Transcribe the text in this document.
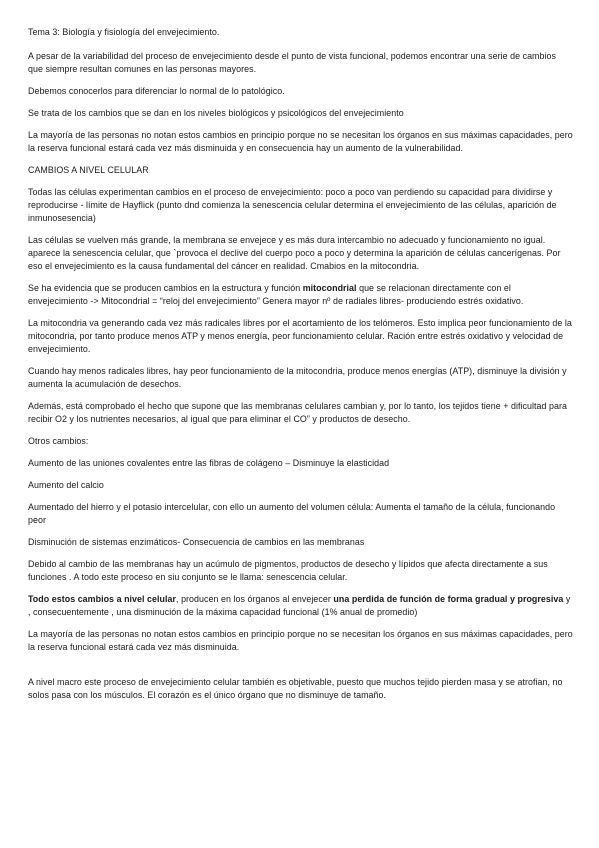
Tema 3: Biología y fisiología del envejecimiento.

A pesar de la variabilidad del proceso de envejecimiento desde el punto de vista funcional, podemos encontrar una serie de cambios que siempre resultan comunes en las personas mayores.

Debemos conocerlos para diferenciar lo normal de lo patológico.

Se trata de los cambios que se dan en los niveles biológicos y psicológicos del envejecimiento

La mayoría de las personas no notan estos cambios en principio porque no se necesitan los órganos en sus máximas capacidades, pero la reserva funcional estará cada vez más disminuida y en consecuencia hay un aumento de la vulnerabilidad.

CAMBIOS A NIVEL CELULAR

Todas las células experimentan cambios en el proceso de envejecimiento: poco a poco van perdiendo su capacidad para dividirse y reproducirse - límite de Hayflick (punto dnd comienza la senescencia celular determina el envejecimiento de las células, aparición de inmunosesencia)

Las células se vuelven más grande, la membrana se envejece y es más dura intercambio no adecuado y funcionamiento no igual. aparece la senescencia celular, que `provoca el declive del cuerpo poco a poco y determina la aparición de células cancerígenas. Por eso el envejecimiento es la causa fundamental del cáncer en realidad. Cmabios en la mitocondria.

Se ha evidencia que se producen cambios en la estructura y función mitocondrial que se relacionan directamente con el envejecimiento -> Mitocondrial = “reloj del envejecimiento” Genera mayor nº de radiales libres- produciendo estrés oxidativo.

La mitocondria va generando cada vez más radicales libres por el acortamiento de los telómeros. Esto implica peor funcionamiento de la mitocondria, por tanto produce menos ATP y menos energía, peor funcionamiento celular. Ración entre estrés oxidativo y velocidad de envejecimiento.

Cuando hay menos radicales libres, hay peor funcionamiento de la mitocondria, produce menos energías (ATP), disminuye la división y aumenta la acumulación de desechos.

Además, está comprobado el hecho que supone que las membranas celulares cambian y, por lo tanto, los tejidos tiene + dificultad para recibir O2 y los nutrientes necesarios, al igual que para eliminar el CO” y productos de desecho.

Otros cambios:

Aumento de las uniones covalentes entre las fibras de colágeno – Disminuye la elasticidad

Aumento del calcio

Aumentado del hierro y el potasio intercelular, con ello un aumento del volumen célula: Aumenta el tamaño de la célula, funcionando peor

Disminución de sistemas enzimáticos- Consecuencia de cambios en las membranas

Debido al cambio de las membranas hay un acúmulo de pigmentos, productos de desecho y lípidos que afecta directamente a sus funciones . A todo este proceso en siu conjunto se le llama: senescencia celular.

Todo estos cambios a nivel celular, producen en los órganos al envejecer una perdida de función de forma gradual y progresiva y , consecuentemente , una disminución de la máxima capacidad funcional (1% anual de promedio)

La mayoría de las personas no notan estos cambios en principio porque no se necesitan los órganos en sus máximas capacidades, pero la reserva funcional estará cada vez más disminuida.

A nivel macro este proceso de envejecimiento celular también es objetivable, puesto que muchos tejido pierden masa y se atrofian, no solos pasa con los músculos. El corazón es el único órgano que no disminuye de tamaño.
